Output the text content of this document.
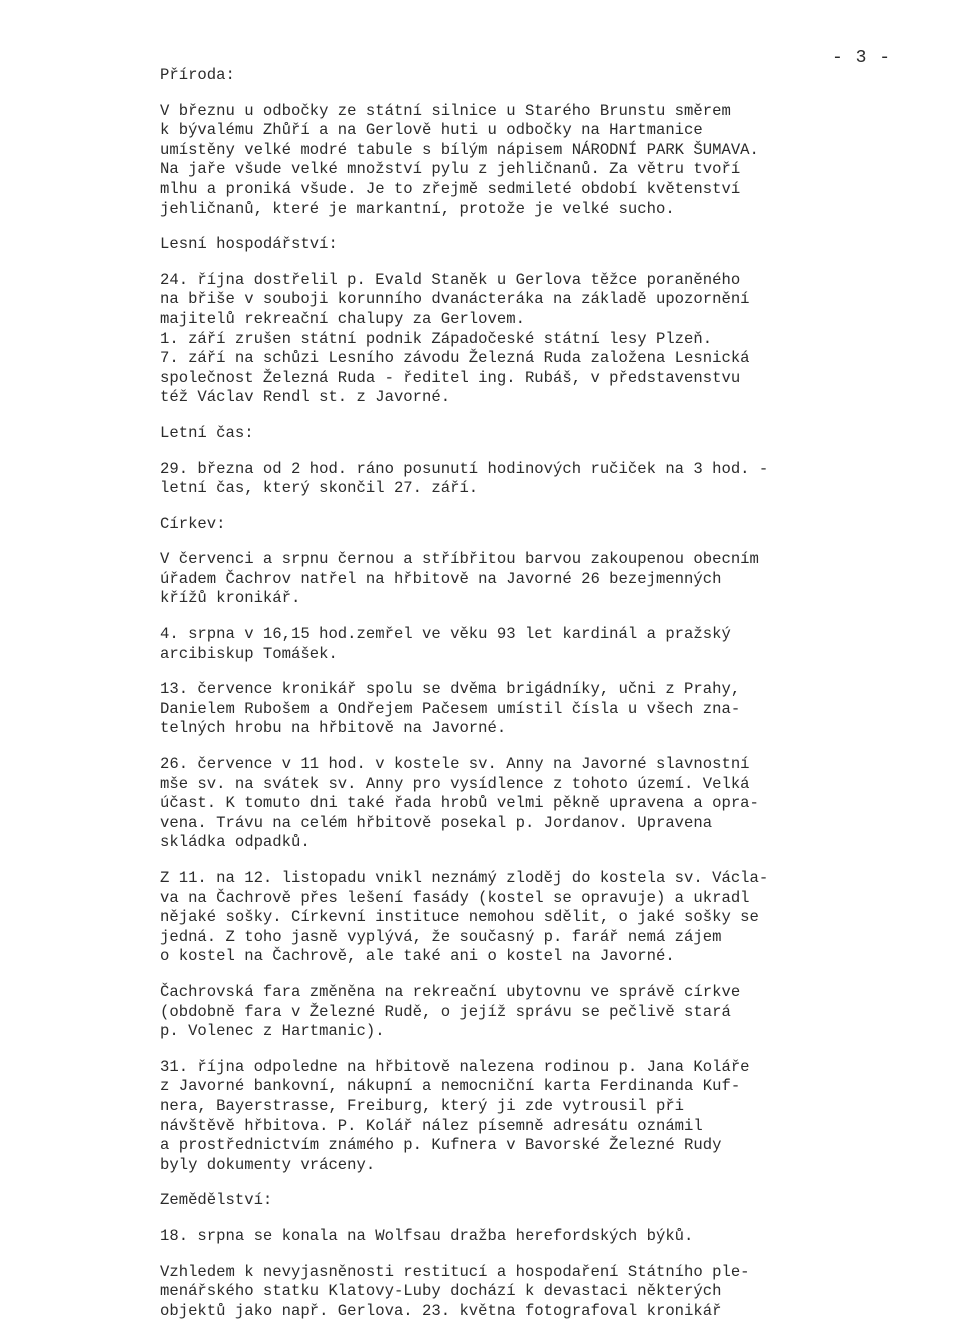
- 3 -
Příroda:
V březnu u odbočky ze státní silnice u Starého Brunstu směrem
k bývalému Zhůří a na Gerlově huti u odbočky na Hartmanice
umístěny velké modré tabule s bílým nápisem NÁRODNÍ PARK ŠUMAVA.
Na jaře všude velké množství pylu z jehličnanů. Za větru tvoří
mlhu a proniká všude. Je to zřejmě sedmileté období květenství
jehličnanů, které je markantní, protože je velké sucho.
Lesní hospodářství:
24. října dostřelil p. Evald Staněk u Gerlova těžce poraněného
na břiše v souboji korunního dvanácteráka na základě upozornění
majitelů rekreační chalupy za Gerlovem.
1. září zrušen státní podnik Západočeské státní lesy Plzeň.
7. září na schůzi Lesního závodu Železná Ruda založena Lesnická
společnost Železná Ruda - ředitel ing. Rubáš, v představenstvu
též Václav Rendl st. z Javorné.
Letní čas:
29. března od 2 hod. ráno posunutí hodinových ručiček na 3 hod. -
letní čas, který skončil 27. září.
Církev:
V červenci a srpnu černou a stříbřitou barvou zakoupenou obecním
úřadem Čachrov natřel na hřbitově na Javorné 26 bezejmenných
křížů kronikář.
4. srpna v 16,15 hod.zemřel ve věku 93 let kardinál a pražský
arcibiskup Tomášek.
13. července kronikář spolu se dvěma brigádníky, učni z Prahy,
Danielem Rubošem a Ondřejem Pačesem umístil čísla u všech zna-
telných hrobu na hřbitově na Javorné.
26. července v 11 hod. v kostele sv. Anny na Javorné slavnostní
mše sv. na svátek sv. Anny pro vysídlence z tohoto území. Velká
účast. K tomuto dni také řada hrobů velmi pěkně upravena a opra-
vena. Trávu na celém hřbitově posekal p. Jordanov. Upravena
skládka odpadků.
Z 11. na 12. listopadu vnikl neznámý zloděj do kostela sv. Václa-
va na Čachrově přes lešení fasády (kostel se opravuje) a ukradl
nějaké sošky. Církevní instituce nemohou sdělit, o jaké sošky se
jedná. Z toho jasně vyplývá, že současný p. farář nemá zájem
o kostel na Čachrově, ale také ani o kostel na Javorné.
Čachrovská fara změněna na rekreační ubytovnu ve správě církve
(obdobně fara v Železné Rudě, o jejíž správu se pečlivě stará
p. Volenec z Hartmanic).
31. října odpoledne na hřbitově nalezena rodinou p. Jana Koláře
z Javorné bankovní, nákupní a nemocniční karta Ferdinanda Kuf-
nera, Bayerstrasse, Freiburg, který ji zde vytrousil při
návštěvě hřbitova. P. Kolář nález písemně adresátu oznámil
a prostřednictvím známého p. Kufnera v Bavorské Železné Rudy
byly dokumenty vráceny.
Zemědělství:
18. srpna se konala na Wolfsau dražba herefordských býků.
Vzhledem k nevyjasněnosti restitucí a hospodaření Státního ple-
menářského statku Klatovy-Luby dochází k devastaci některých
objektů jako např. Gerlova. 23. května fotografoval kronikář
